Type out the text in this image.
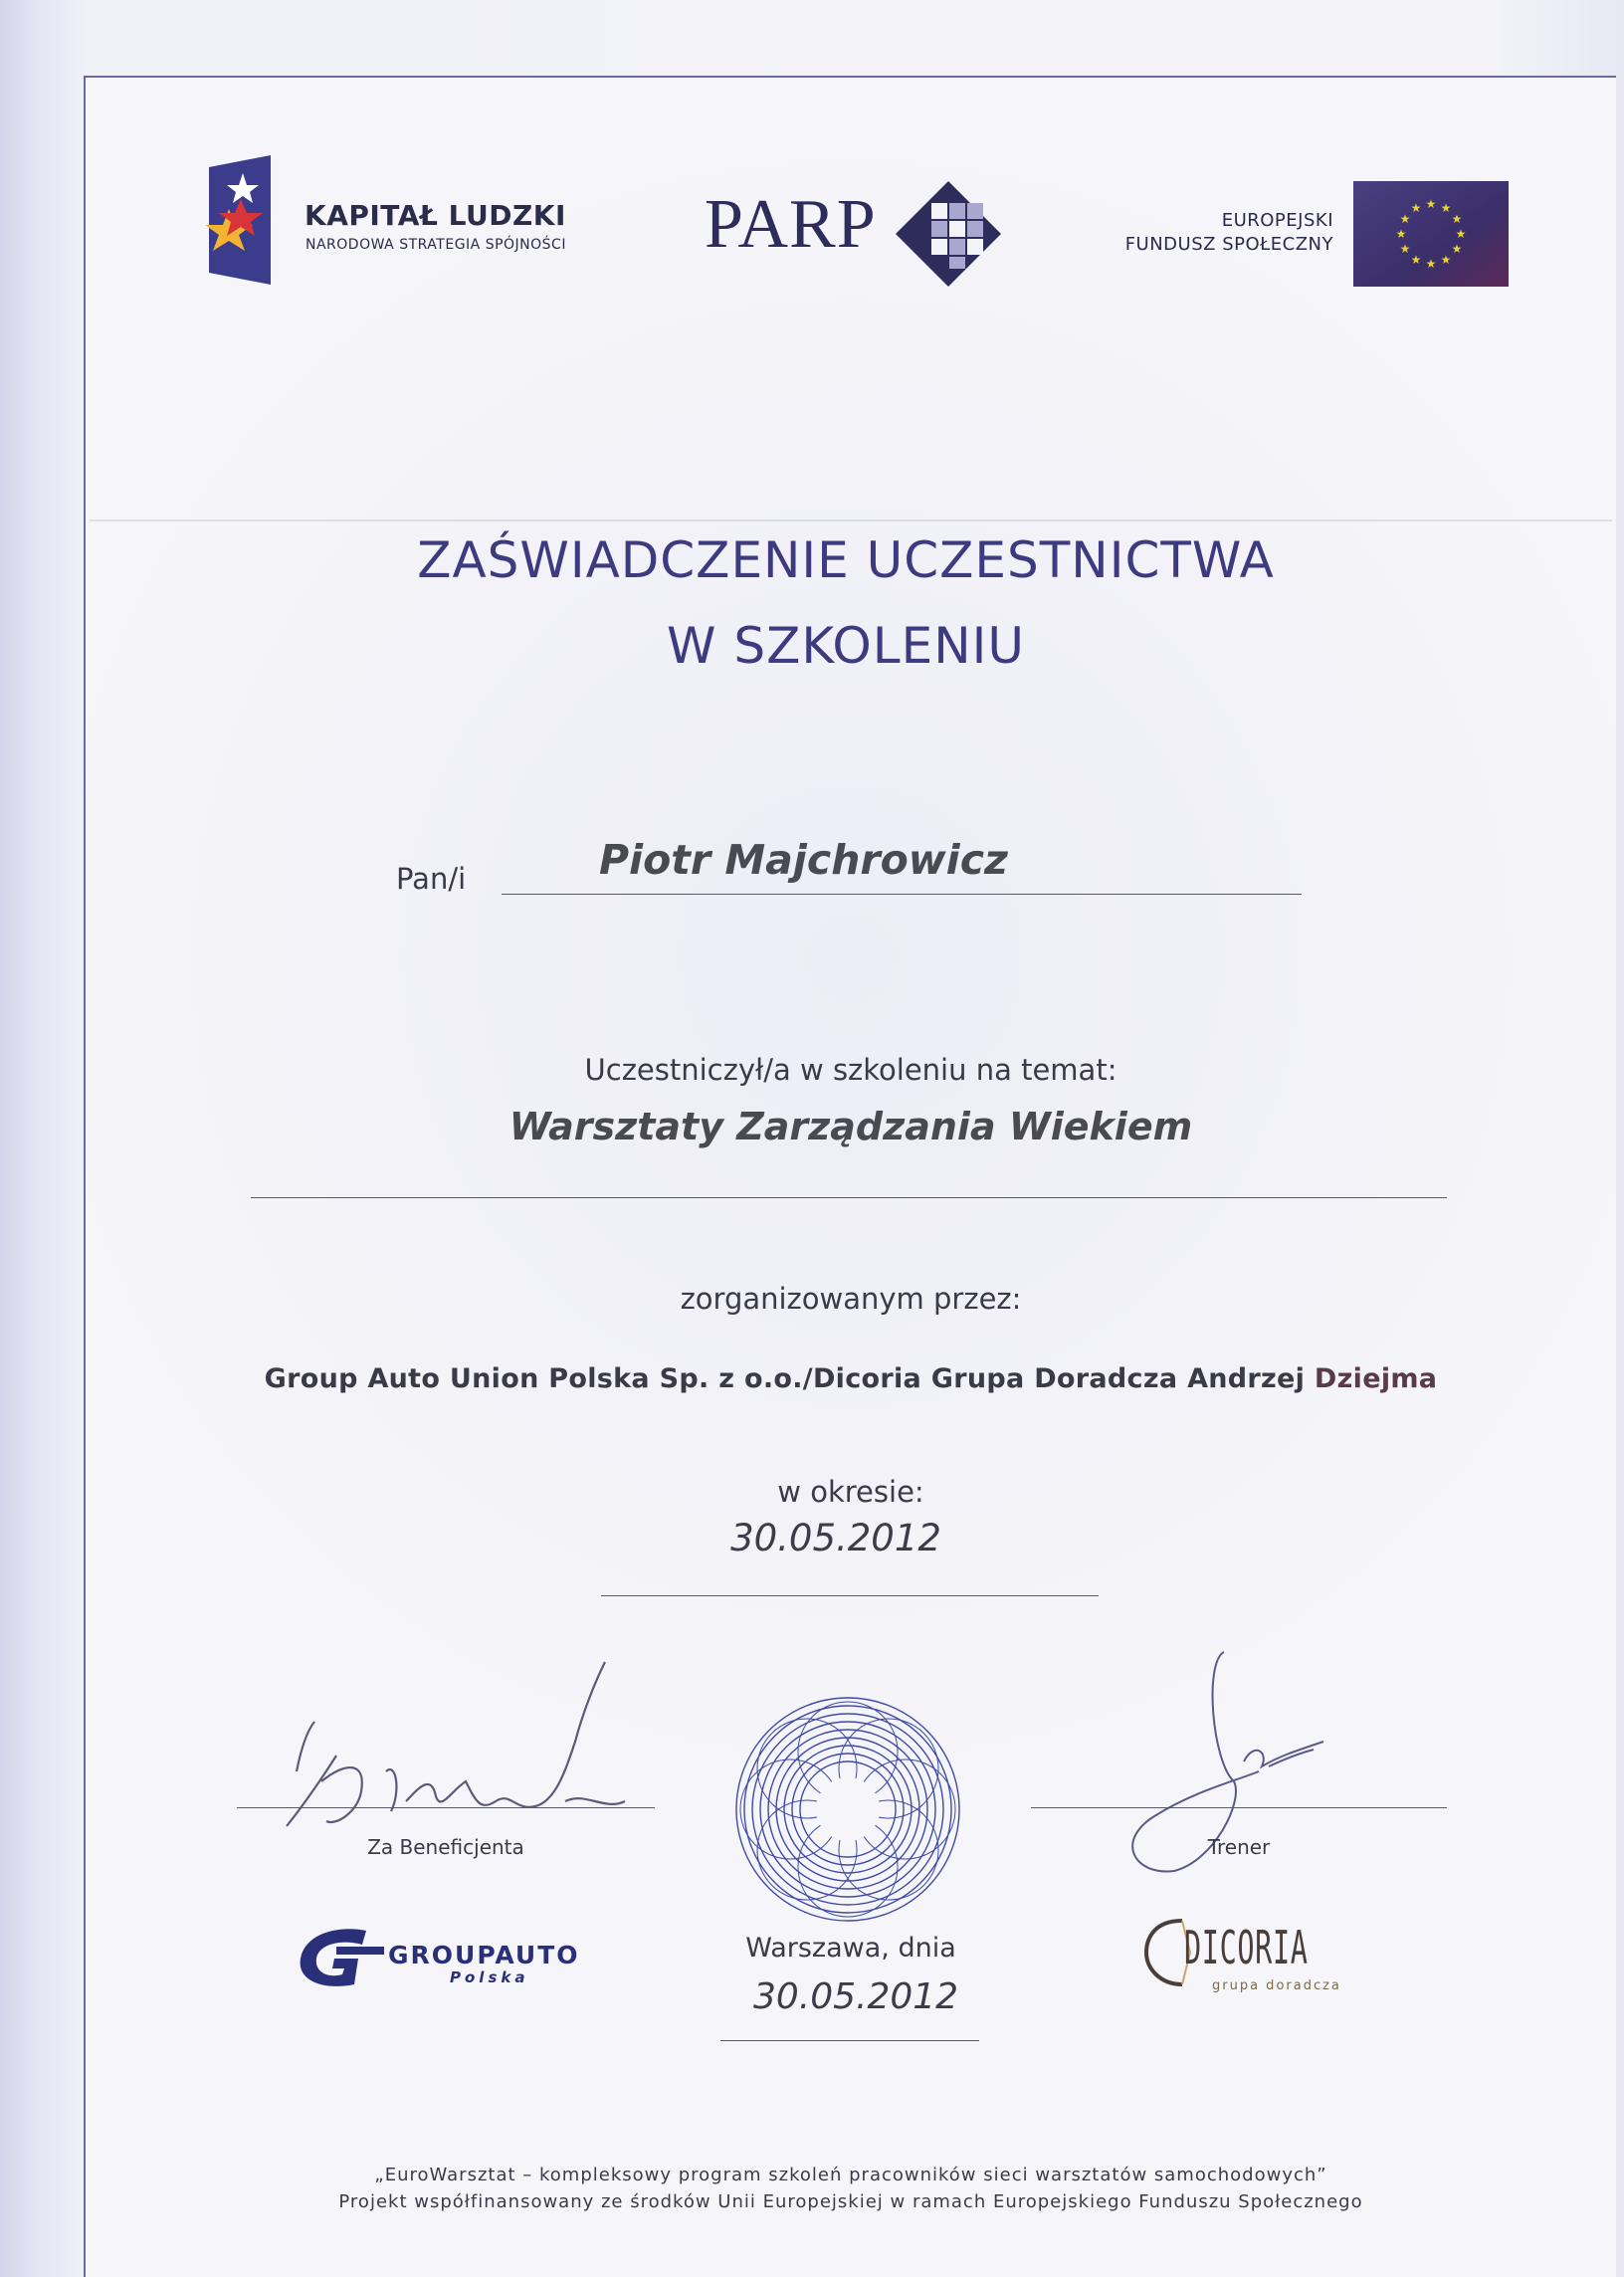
KAPITAŁ LUDZKI
NARODOWA STRATEGIA SPÓJNOŚCI PARP	EUROPEJSKI
FUNDUSZ SPOŁECZNY
★ ★
★
★
★
★
★
★
★
★
★
★
ZAŚWIADCZENIE UCZESTNICTWA
W SZKOLENIU
Pan/i	Piotr Majchrowicz
Uczestniczył/a w szkoleniu na temat:
Warsztaty Zarządzania Wiekiem
zorganizowanym przez:
Group Auto Union Polska Sp. z o.o./Dicoria Grupa Doradcza Andrzej Dziejma
w okresie:
30.05.2012
Za Beneficjenta	Trener
Warszawa, dnia
30.05.2012
GROUPAUTO
Polska
DICORIA
grupa doradcza
„EuroWarsztat – kompleksowy program szkoleń pracowników sieci warsztatów samochodowych”
Projekt współfinansowany ze środków Unii Europejskiej w ramach Europejskiego Funduszu Społecznego
